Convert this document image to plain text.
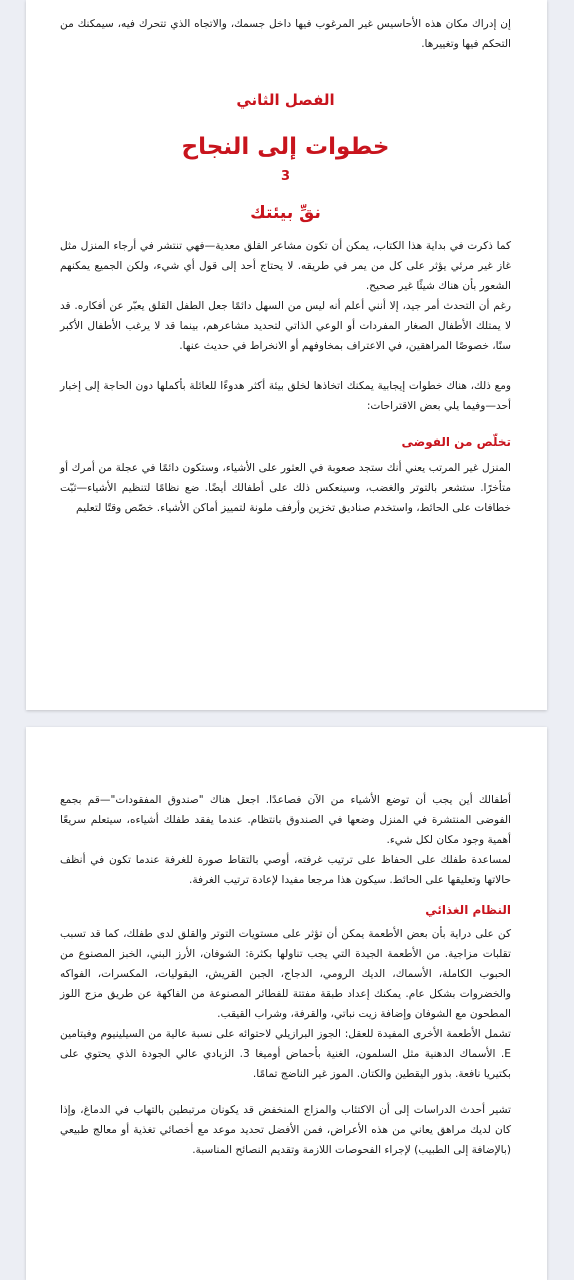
إن إدراك مكان هذه الأحاسيس غير المرغوب فيها داخل جسمك، والاتجاه الذي تتحرك فيه، سيمكنك من التحكم فيها وتغييرها.

الفصل الثاني
خطوات إلى النجاح
3
نقِّ بيئتك

كما ذكرت في بداية هذا الكتاب، يمكن أن تكون مشاعر القلق معدية—فهي تنتشر في أرجاء المنزل مثل غاز غير مرئي يؤثر على كل من يمر في طريقه. لا يحتاج أحد إلى قول أي شيء، ولكن الجميع يمكنهم الشعور بأن هناك شيئًا غير صحيح.

رغم أن التحدث أمر جيد، إلا أنني أعلم أنه ليس من السهل دائمًا جعل الطفل القلق يعبّر عن أفكاره. قد لا يمتلك الأطفال الصغار المفردات أو الوعي الذاتي لتحديد مشاعرهم، بينما قد لا يرغب الأطفال الأكبر سنًا، خصوصًا المراهقين، في الاعتراف بمخاوفهم أو الانخراط في حديث عنها.

ومع ذلك، هناك خطوات إيجابية يمكنك اتخاذها لخلق بيئة أكثر هدوءًا للعائلة بأكملها دون الحاجة إلى إخبار أحد—وفيما يلي بعض الاقتراحات:

تخلّص من الفوضى

المنزل غير المرتب يعني أنك ستجد صعوبة في العثور على الأشياء، وستكون دائمًا في عجلة من أمرك أو متأخرًا. ستشعر بالتوتر والغضب، وسينعكس ذلك على أطفالك أيضًا. ضع نظامًا لتنظيم الأشياء—ثبّت خطافات على الحائط، واستخدم صناديق تخزين وأرفف ملونة لتمييز أماكن الأشياء. خصّص وقتًا لتعليم

أطفالك أين يجب أن توضع الأشياء من الآن فصاعدًا. اجعل هناك "صندوق المفقودات"—قم بجمع الفوضى المنتشرة في المنزل وضعها في الصندوق بانتظام. عندما يفقد طفلك أشياءه، سيتعلم سريعًا أهمية وجود مكان لكل شيء.

لمساعدة طفلك على الحفاظ على ترتيب غرفته، أوصي بالتقاط صورة للغرفة عندما تكون في أنظف حالاتها وتعليقها على الحائط. سيكون هذا مرجعا مفيدا لإعادة ترتيب الغرفة.

النظام الغذائي

كن على دراية بأن بعض الأطعمة يمكن أن تؤثر على مستويات التوتر والقلق لدى طفلك، كما قد تسبب تقلبات مزاجية. من الأطعمة الجيدة التي يجب تناولها بكثرة: الشوفان، الأرز البني، الخبز المصنوع من الحبوب الكاملة، الأسماك، الديك الرومي، الدجاج، الجبن القريش، البقوليات، المكسرات، الفواكه والخضروات بشكل عام. يمكنك إعداد طبقة مفتتة للفطائر المصنوعة من الفاكهة عن طريق مزج اللوز المطحون مع الشوفان وإضافة زيت نباتي، والقرفة، وشراب القيقب.

تشمل الأطعمة الأخرى المفيدة للعقل: الجوز البرازيلي لاحتوائه على نسبة عالية من السيلينيوم وفيتامين E. الأسماك الدهنية مثل السلمون، الغنية بأحماض أوميغا 3. الزبادي عالي الجودة الذي يحتوي على بكتيريا نافعة. بذور اليقطين والكتان. الموز غير الناضج تمامًا.

تشير أحدث الدراسات إلى أن الاكتئاب والمزاج المنخفض قد يكونان مرتبطين بالتهاب في الدماغ، وإذا كان لديك مراهق يعاني من هذه الأعراض، فمن الأفضل تحديد موعد مع أخصائي تغذية أو معالج طبيعي (بالإضافة إلى الطبيب) لإجراء الفحوصات اللازمة وتقديم النصائح المناسبة.
